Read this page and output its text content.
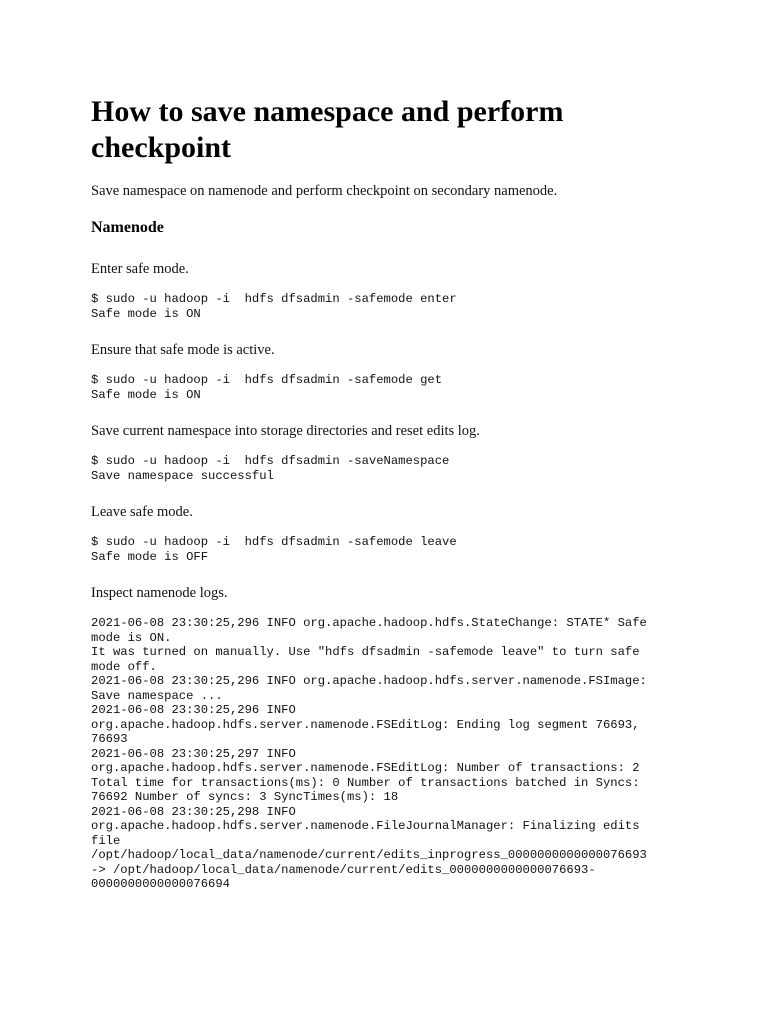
How to save namespace and perform checkpoint

Save namespace on namenode and perform checkpoint on secondary namenode.

Namenode

Enter safe mode.

$ sudo -u hadoop -i  hdfs dfsadmin -safemode enter
Safe mode is ON

Ensure that safe mode is active.

$ sudo -u hadoop -i  hdfs dfsadmin -safemode get
Safe mode is ON

Save current namespace into storage directories and reset edits log.

$ sudo -u hadoop -i  hdfs dfsadmin -saveNamespace
Save namespace successful

Leave safe mode.

$ sudo -u hadoop -i  hdfs dfsadmin -safemode leave
Safe mode is OFF

Inspect namenode logs.

2021-06-08 23:30:25,296 INFO org.apache.hadoop.hdfs.StateChange: STATE* Safe
mode is ON.
It was turned on manually. Use "hdfs dfsadmin -safemode leave" to turn safe
mode off.
2021-06-08 23:30:25,296 INFO org.apache.hadoop.hdfs.server.namenode.FSImage:
Save namespace ...
2021-06-08 23:30:25,296 INFO
org.apache.hadoop.hdfs.server.namenode.FSEditLog: Ending log segment 76693,
76693
2021-06-08 23:30:25,297 INFO
org.apache.hadoop.hdfs.server.namenode.FSEditLog: Number of transactions: 2
Total time for transactions(ms): 0 Number of transactions batched in Syncs:
76692 Number of syncs: 3 SyncTimes(ms): 18
2021-06-08 23:30:25,298 INFO
org.apache.hadoop.hdfs.server.namenode.FileJournalManager: Finalizing edits
file
/opt/hadoop/local_data/namenode/current/edits_inprogress_0000000000000076693
-> /opt/hadoop/local_data/namenode/current/edits_0000000000000076693-
0000000000000076694
